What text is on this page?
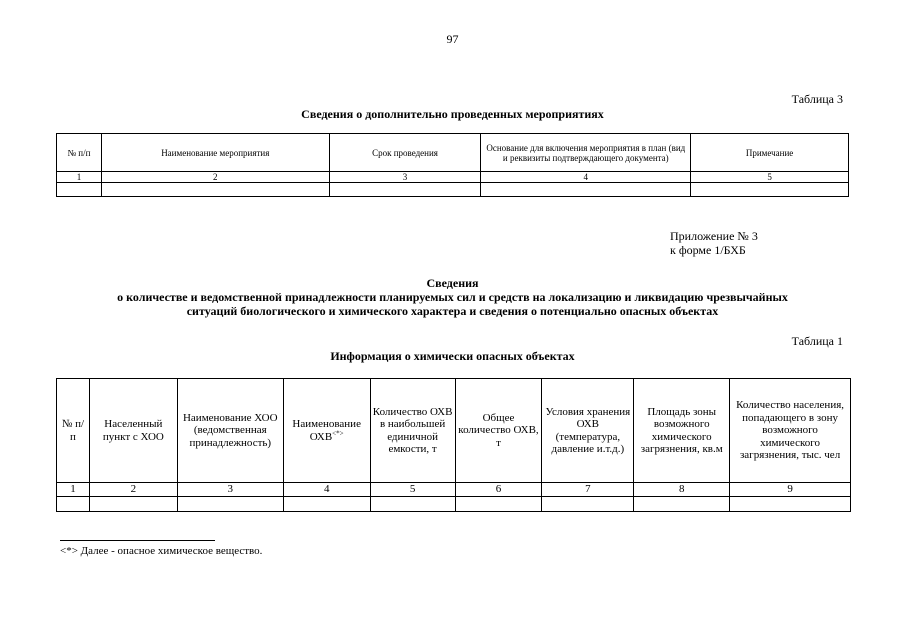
97
Таблица 3
Сведения о дополнительно проведенных мероприятиях
№ п/п	Наименование мероприятия	Срок проведения	Основание для включения мероприятия в план (вид и реквизиты подтверждающего документа)	Примечание
1	2	3	4	5

Приложение № 3
к форме 1/БХБ
Сведения
о количестве и ведомственной принадлежности планируемых сил и средств на локализацию и ликвидацию чрезвычайных
ситуаций биологического и химического характера и сведения о потенциально опасных объектах
Таблица 1
Информация о химически опасных объектах
№ п/п	Населенный пункт с ХОО	Наименование ХОО (ведомственная принадлежность)	Наименование ОХВ<*>	Количество ОХВ в наибольшей единичной емкости, т	Общее количество ОХВ, т	Условия хранения ОХВ (температура, давление и.т.д.)	Площадь зоны возможного химического загрязнения, кв.м	Количество населения, попадающего в зону возможного химического загрязнения, тыс. чел
1	2	3	4	5	6	7	8	9

<*> Далее - опасное химическое вещество.
